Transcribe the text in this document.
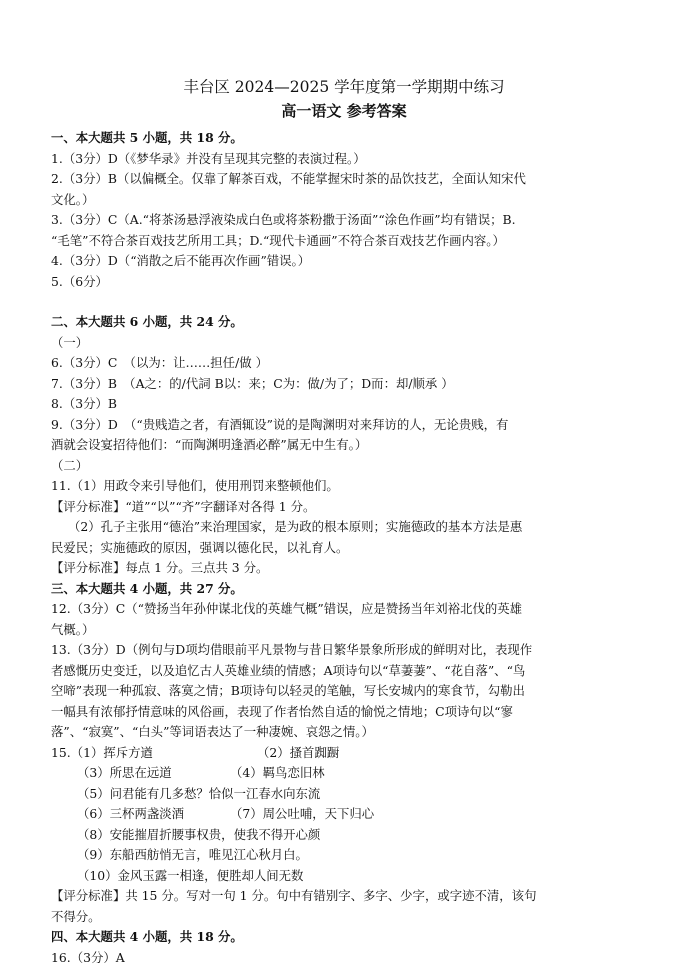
丰台区 2024—2025 学年度第一学期期中练习
高一语文 参考答案
一、本大题共 5 小题，共 18 分。
1.（3分）D（《梦华录》并没有呈现其完整的表演过程。）
2.（3分）B（以偏概全。仅靠了解茶百戏，不能掌握宋时茶的品饮技艺，全面认知宋代
文化。）
3.（3分）C（A.“将茶汤悬浮液染成白色或将茶粉撒于汤面”“涂色作画”均有错误；B.
“毛笔”不符合茶百戏技艺所用工具；D.“现代卡通画”不符合茶百戏技艺作画内容。）
4.（3分）D（“消散之后不能再次作画”错误。）
5.（6分）
二、本大题共 6 小题，共 24 分。
（一）
6.（3分）C　（以为：让……担任/做 ）
7.（3分）B　（A之：的/代詞 B以：来；C为：做/为了；D而：却/顺承 ）
8.（3分）B
9.（3分）D　（“贵贱造之者，有酒辄设”说的是陶渊明对来拜访的人，无论贵贱，有
酒就会设宴招待他们：“而陶渊明逢酒必醉”属无中生有。）
（二）
11.（1）用政令来引导他们，使用刑罚来整顿他们。
【评分标准】“道”“以”“齐”字翻译对各得 1 分。
（2）孔子主张用“德治”来治理国家，是为政的根本原则；实施德政的基本方法是惠
民爱民；实施德政的原因，强调以德化民，以礼育人。
【评分标准】每点 1 分。三点共 3 分。
三、本大题共 4 小题，共 27 分。
12.（3分）C（“赞扬当年孙仲谋北伐的英雄气概”错误，应是赞扬当年刘裕北伐的英雄
气概。）
13.（3分）D（例句与D项均借眼前平凡景物与昔日繁华景象所形成的鲜明对比，表现作
者感慨历史变迁，以及追忆古人英雄业绩的情感；A项诗句以“草萋萋”、“花自落”、“鸟
空啼”表现一种孤寂、落寞之情；B项诗句以轻灵的笔触，写长安城内的寒食节，勾勒出
一幅具有浓郁抒情意味的风俗画，表现了作者怡然自适的愉悦之情地；C项诗句以“寥
落”、“寂寞”、“白头”等词语表达了一种凄婉、哀怨之情。）
15.（1）挥斥方遒	（2）搔首踟蹰
（3）所思在远道	（4）羁鸟恋旧林
（5）问君能有几多愁？恰似一江春水向东流
（6）三杯两盏淡酒	（7）周公吐哺，天下归心
（8）安能摧眉折腰事权贵，使我不得开心颜
（9）东船西舫悄无言，唯见江心秋月白。
（10）金风玉露一相逢，便胜却人间无数
【评分标准】共 15 分。写对一句 1 分。句中有错别字、多字、少字，或字迹不清，该句
不得分。
四、本大题共 4 小题，共 18 分。
16.（3分）A
